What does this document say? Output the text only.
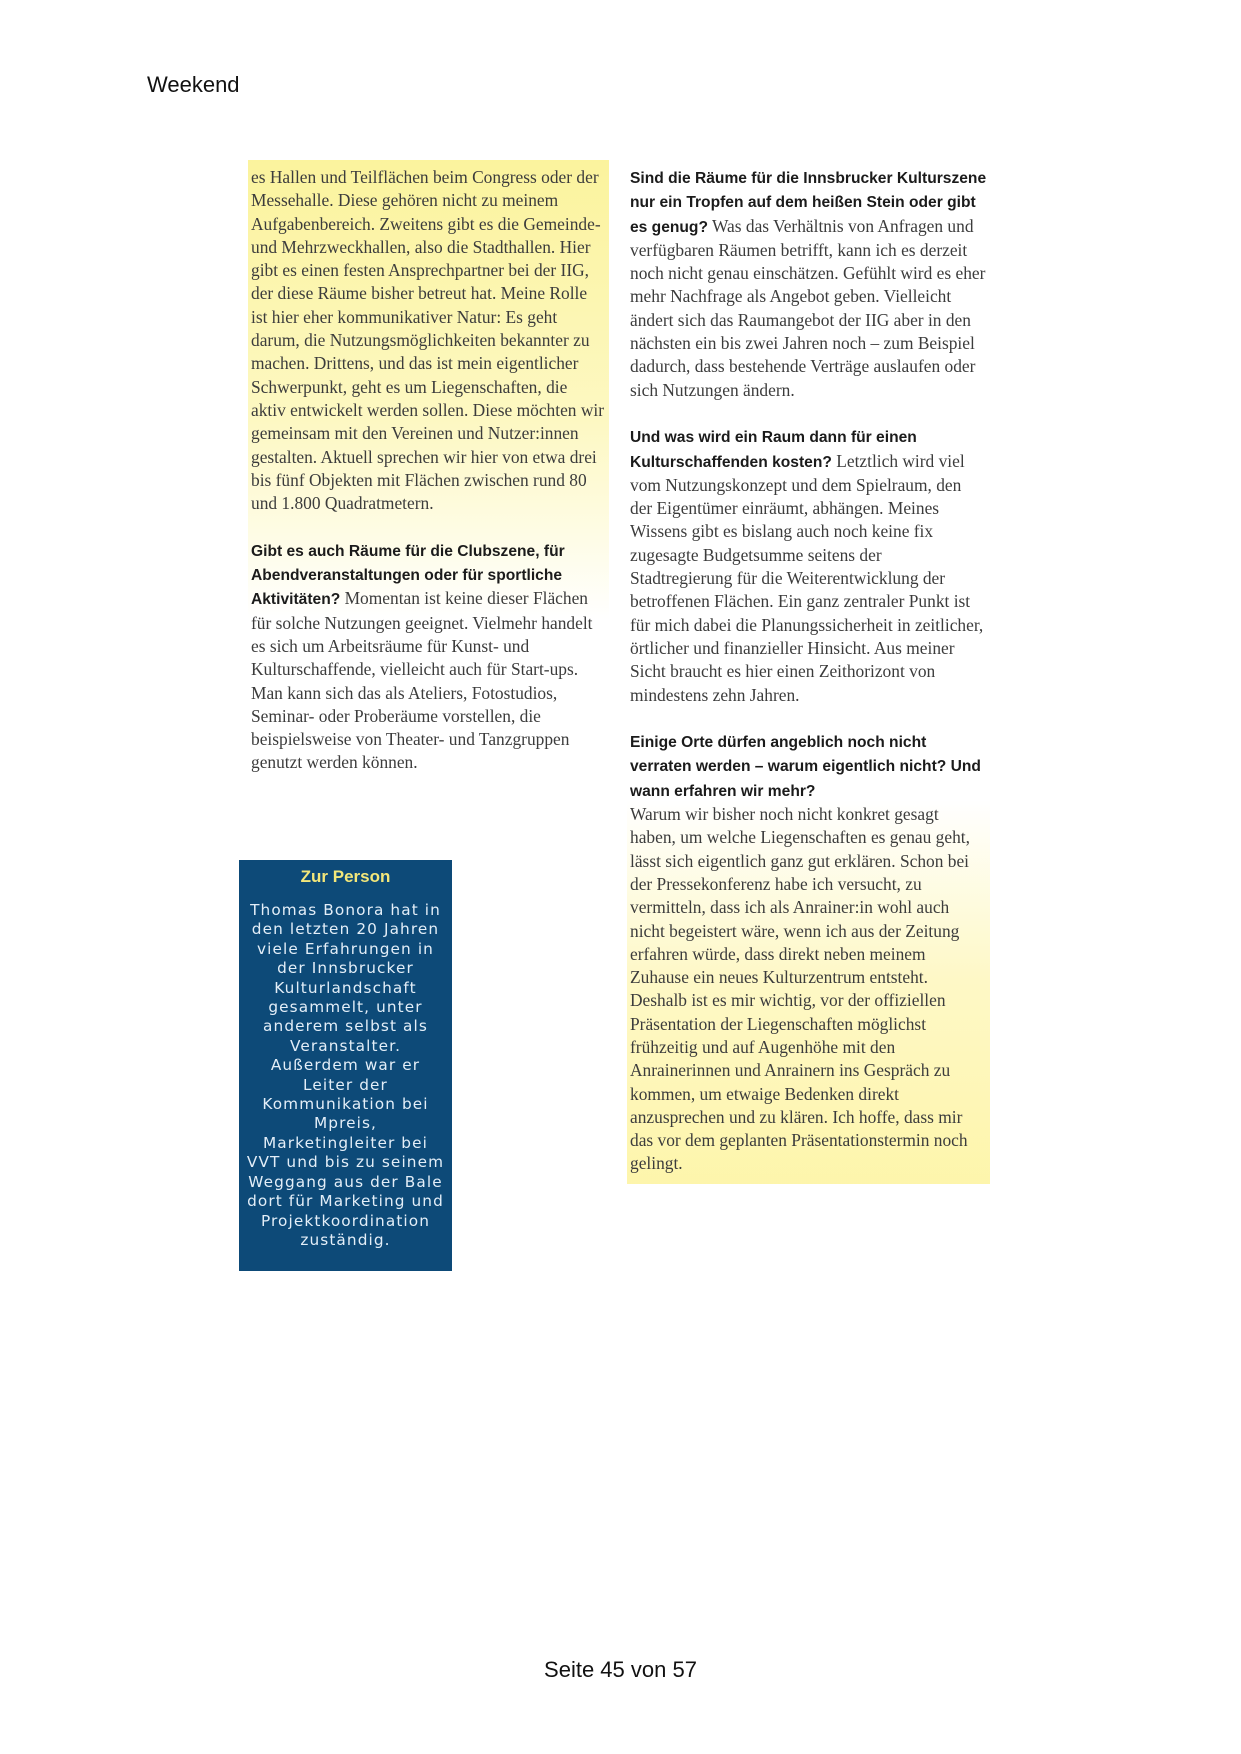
Weekend

es Hallen und Teilflächen beim Congress oder der Messehalle. Diese gehören nicht zu meinem Aufgabenbereich. Zweitens gibt es die Gemeinde- und Mehrzweckhallen, also die Stadthallen. Hier gibt es einen festen Ansprechpartner bei der IIG, der diese Räume bisher betreut hat. Meine Rolle ist hier eher kommunikativer Natur: Es geht darum, die Nutzungsmöglichkeiten bekannter zu machen. Drittens, und das ist mein eigentlicher Schwerpunkt, geht es um Liegenschaften, die aktiv entwickelt werden sollen. Diese möchten wir gemeinsam mit den Vereinen und Nutzer:innen gestalten. Aktuell sprechen wir hier von etwa drei bis fünf Objekten mit Flächen zwischen rund 80 und 1.800 Quadratmetern.

Gibt es auch Räume für die Clubszene, für Abendveranstaltungen oder für sportliche Aktivitäten? Momentan ist keine dieser Flächen für solche Nutzungen geeignet. Vielmehr handelt es sich um Arbeitsräume für Kunst- und Kulturschaffende, vielleicht auch für Start-ups. Man kann sich das als Ateliers, Fotostudios, Seminar- oder Proberäume vorstellen, die beispielsweise von Theater- und Tanzgruppen genutzt werden können.

Sind die Räume für die Innsbrucker Kulturszene nur ein Tropfen auf dem heißen Stein oder gibt es genug? Was das Verhältnis von Anfragen und verfügbaren Räumen betrifft, kann ich es derzeit noch nicht genau einschätzen. Gefühlt wird es eher mehr Nachfrage als Angebot geben. Vielleicht ändert sich das Raumangebot der IIG aber in den nächsten ein bis zwei Jahren noch – zum Beispiel dadurch, dass bestehende Verträge auslaufen oder sich Nutzungen ändern.

Und was wird ein Raum dann für einen Kulturschaffenden kosten? Letztlich wird viel vom Nutzungskonzept und dem Spielraum, den der Eigentümer einräumt, abhängen. Meines Wissens gibt es bislang auch noch keine fix zugesagte Budgetsumme seitens der Stadtregierung für die Weiterentwicklung der betroffenen Flächen. Ein ganz zentraler Punkt ist für mich dabei die Planungssicherheit in zeitlicher, örtlicher und finanzieller Hinsicht. Aus meiner Sicht braucht es hier einen Zeithorizont von mindestens zehn Jahren.

Einige Orte dürfen angeblich noch nicht verraten werden – warum eigentlich nicht? Und wann erfahren wir mehr?
Warum wir bisher noch nicht konkret gesagt haben, um welche Liegenschaften es genau geht, lässt sich eigentlich ganz gut erklären. Schon bei der Pressekonferenz habe ich versucht, zu vermitteln, dass ich als Anrainer:in wohl auch nicht begeistert wäre, wenn ich aus der Zeitung erfahren würde, dass direkt neben meinem Zuhause ein neues Kulturzentrum entsteht. Deshalb ist es mir wichtig, vor der offiziellen Präsentation der Liegenschaften möglichst frühzeitig und auf Augenhöhe mit den Anrainerinnen und Anrainern ins Gespräch zu kommen, um etwaige Bedenken direkt anzusprechen und zu klären. Ich hoffe, dass mir das vor dem geplanten Präsentationstermin noch gelingt.

Zur Person
Thomas Bonora hat in den letzten 20 Jahren viele Erfahrungen in der Innsbrucker Kulturlandschaft gesammelt, unter anderem selbst als Veranstalter. Außerdem war er Leiter der Kommunikation bei Mpreis, Marketingleiter bei VVT und bis zu seinem Weggang aus der Bale dort für Marketing und Projektkoordination zuständig.
Seite 45 von 57
